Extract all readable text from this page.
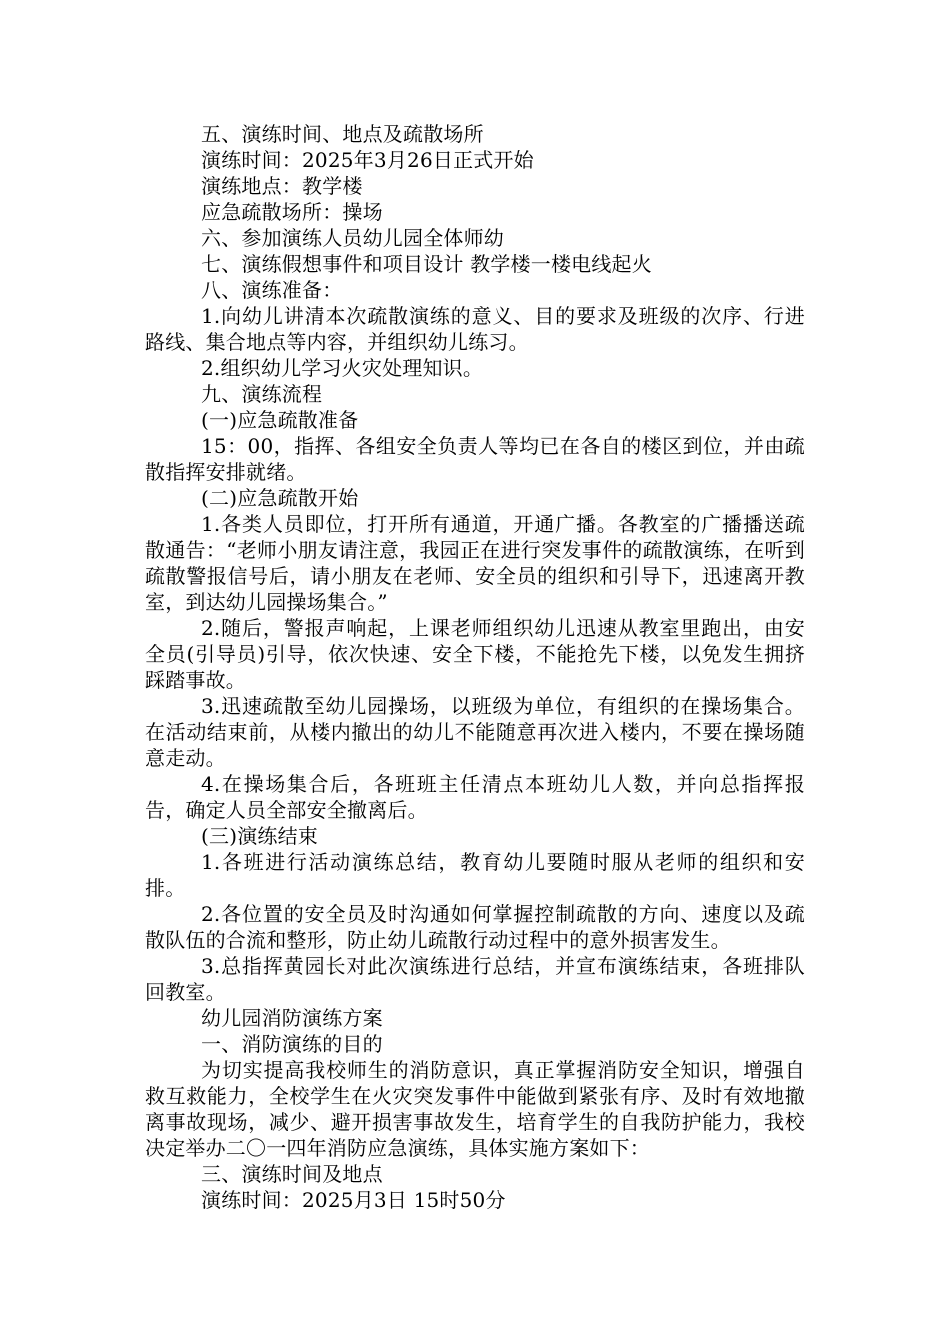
五、演练时间、地点及疏散场所

演练时间：2025年3月26日正式开始

演练地点：教学楼

应急疏散场所：操场

六、参加演练人员幼儿园全体师幼

七、演练假想事件和项目设计 教学楼一楼电线起火

八、演练准备：

1.向幼儿讲清本次疏散演练的意义、目的要求及班级的次序、行进路线、集合地点等内容，并组织幼儿练习。

2.组织幼儿学习火灾处理知识。

九、演练流程

(一)应急疏散准备

15：00，指挥、各组安全负责人等均已在各自的楼区到位，并由疏散指挥安排就绪。

(二)应急疏散开始

1.各类人员即位，打开所有通道，开通广播。各教室的广播播送疏散通告：“老师小朋友请注意，我园正在进行突发事件的疏散演练，在听到疏散警报信号后，请小朋友在老师、安全员的组织和引导下，迅速离开教室，到达幼儿园操场集合。”

2.随后，警报声响起，上课老师组织幼儿迅速从教室里跑出，由安全员(引导员)引导，依次快速、安全下楼，不能抢先下楼，以免发生拥挤踩踏事故。

3.迅速疏散至幼儿园操场，以班级为单位，有组织的在操场集合。在活动结束前，从楼内撤出的幼儿不能随意再次进入楼内，不要在操场随意走动。

4.在操场集合后，各班班主任清点本班幼儿人数，并向总指挥报告，确定人员全部安全撤离后。

(三)演练结束

1.各班进行活动演练总结，教育幼儿要随时服从老师的组织和安排。

2.各位置的安全员及时沟通如何掌握控制疏散的方向、速度以及疏散队伍的合流和整形，防止幼儿疏散行动过程中的意外损害发生。

3.总指挥黄园长对此次演练进行总结，并宣布演练结束，各班排队回教室。

幼儿园消防演练方案

一、消防演练的目的

为切实提高我校师生的消防意识，真正掌握消防安全知识，增强自救互救能力，全校学生在火灾突发事件中能做到紧张有序、及时有效地撤离事故现场，减少、避开损害事故发生，培育学生的自我防护能力，我校决定举办二〇一四年消防应急演练，具体实施方案如下：

三、演练时间及地点

演练时间：2025月3日 15时50分
